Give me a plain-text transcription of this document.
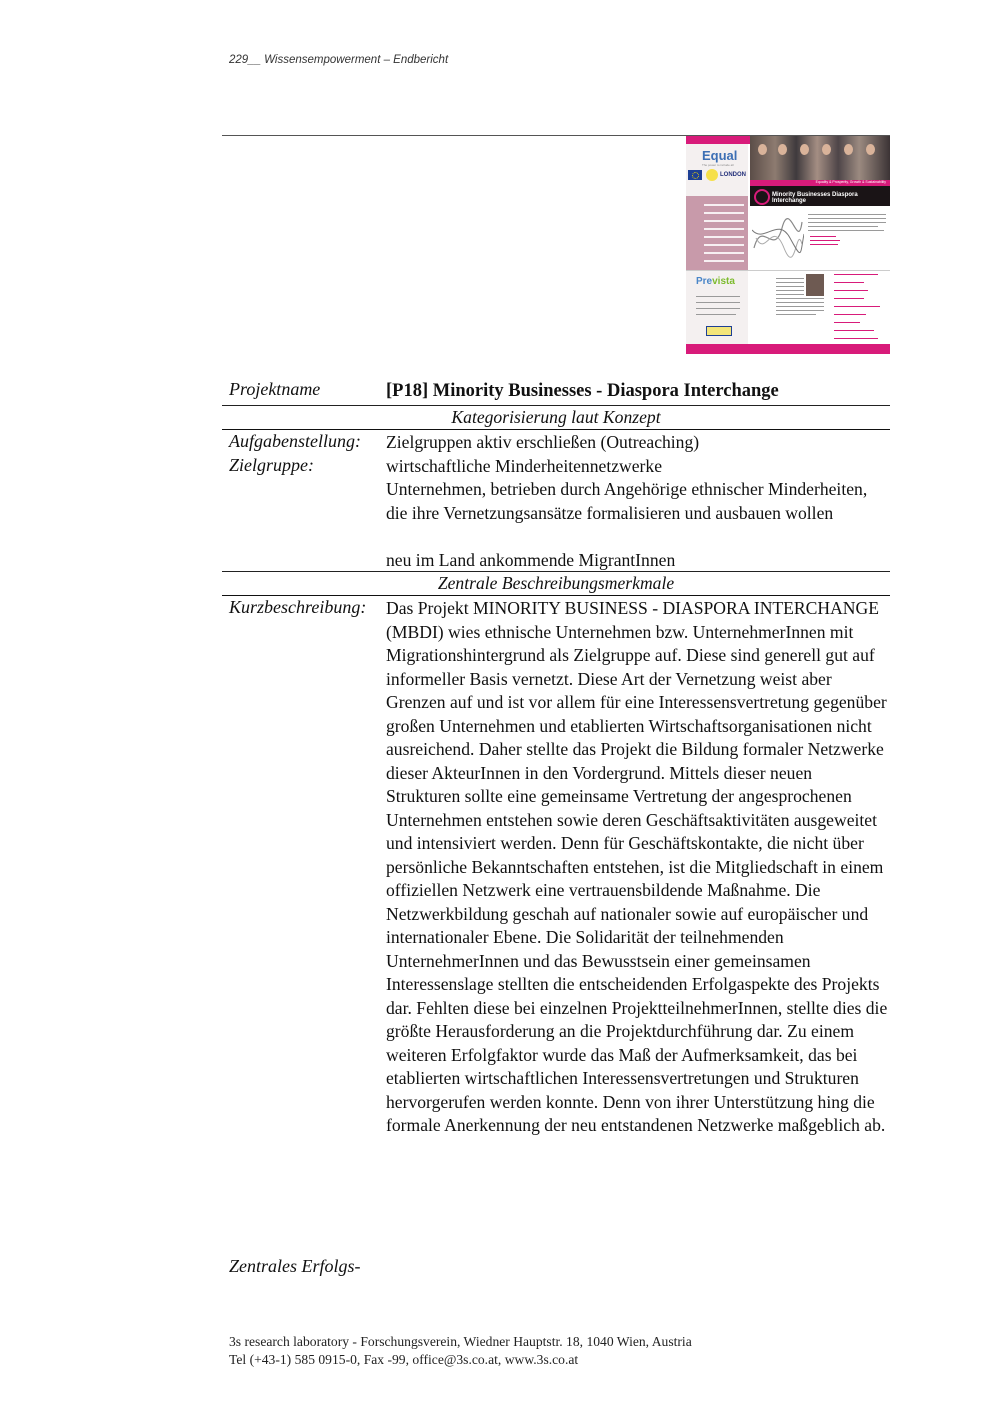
229__ Wissensempowerment – Endbericht
Equal
The power to include all
LONDON
Equality & Prosperity, Growth & Sustainability
Minority Businesses Diaspora Interchange
Prevista
Projektname	[P18] Minority Businesses - Diaspora Interchange
Kategorisierung laut Konzept
Aufgabenstellung: Zielgruppen aktiv erschließen (Outreaching)
Zielgruppe:	wirtschaftliche Minderheitennetzwerke
Unternehmen, betrieben durch Angehörige ethnischer Minderheiten, die ihre Vernetzungsansätze formalisieren und ausbauen wollen
neu im Land ankommende MigrantInnen
Zentrale Beschreibungsmerkmale
Kurzbeschreibung: Das Projekt MINORITY BUSINESS - DIASPORA INTERCHANGE (MBDI) wies ethnische Unternehmen bzw. UnternehmerInnen mit Migrationshintergrund als Zielgruppe auf. Diese sind generell gut auf informeller Basis vernetzt. Diese Art der Vernetzung weist aber Grenzen auf und ist vor allem für eine Interessensvertretung gegenüber großen Unternehmen und etablierten Wirtschaftsorganisationen nicht ausreichend. Daher stellte das Projekt die Bildung formaler Netzwerke dieser AkteurInnen in den Vordergrund. Mittels dieser neuen Strukturen sollte eine gemeinsame Vertretung der angesprochenen Unternehmen entstehen sowie deren Geschäftsaktivitäten ausgeweitet und intensiviert werden. Denn für Geschäftskontakte, die nicht über persönliche Bekanntschaften entstehen, ist die Mitgliedschaft in einem offiziellen Netzwerk eine vertrauensbildende Maßnahme. Die Netzwerkbildung geschah auf nationaler sowie auf europäischer und internationaler Ebene. Die Solidarität der teilnehmenden UnternehmerInnen und das Bewusstsein einer gemeinsamen Interessenslage stellten die entscheidenden Erfolgaspekte des Projekts dar. Fehlten diese bei einzelnen ProjektteilnehmerInnen, stellte dies die größte Herausforderung an die Projektdurchführung dar. Zu einem weiteren Erfolgfaktor wurde das Maß der Aufmerksamkeit, das bei etablierten wirtschaftlichen Interessensvertretungen und Strukturen hervorgerufen werden konnte. Denn von ihrer Unterstützung hing die formale Anerkennung der neu entstandenen Netzwerke maßgeblich ab.
Zentrales Erfolgs-
3s research laboratory - Forschungsverein, Wiedner Hauptstr. 18, 1040 Wien, Austria
Tel (+43-1) 585 0915-0, Fax -99, office@3s.co.at, www.3s.co.at
